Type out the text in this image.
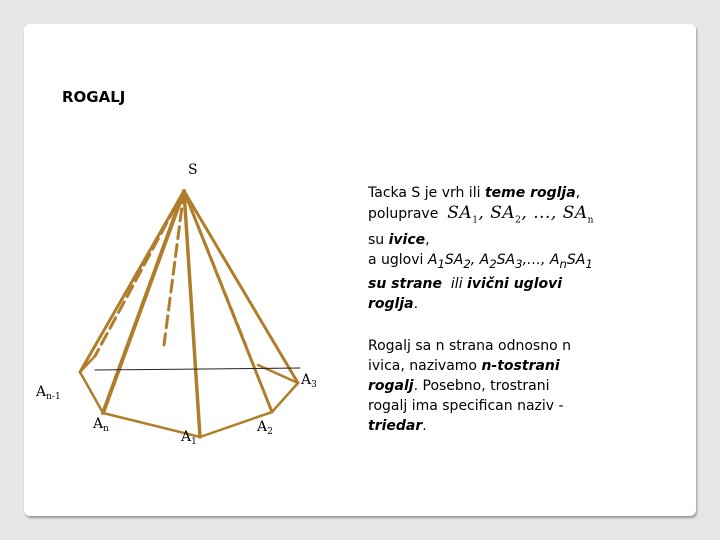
ROGALJ
S
$A_{n-1}$
$A_n$	$A_1$
$A_2$
$A_3$
Tacka S je vrh ili teme roglja,
poluprave $SA_1$, $SA_2$, ..., $SA_n$
su ivice,
a uglovi $A_1SA_2$, $A_2SA_3,\dots$, $A_nSA_1$
su strane  ili ivični uglovi
roglja.
Rogalj sa n strana odnosno n
ivica, nazivamo n-tostrani
rogalj. Posebno, trostrani
rogalj ima specifican naziv -
triedar.
